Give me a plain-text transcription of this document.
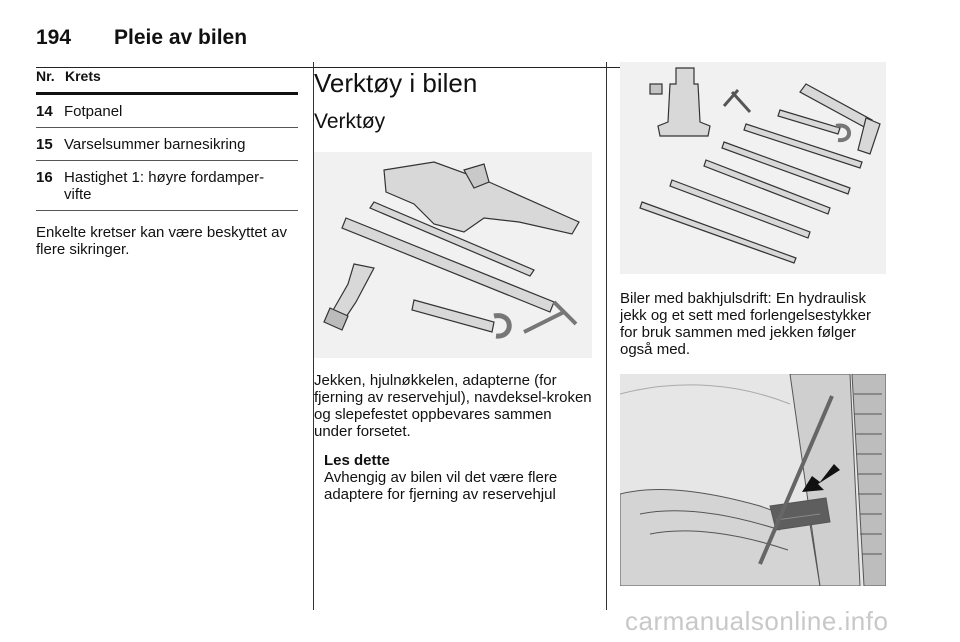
194 Pleie av bilen
Nr. Krets
14 Fotpanel
15 Varselsummer barnesikring
16 Hastighet 1: høyre fordamper-vifte
Enkelte kretser kan være beskyttet av flere sikringer.
Verktøy i bilen
Verktøy
Jekken, hjulnøkkelen, adapterne (for fjerning av reservehjul), navdeksel-kroken og slepefestet oppbevares sammen under forsetet.
Les dette
Avhengig av bilen vil det være flere adaptere for fjerning av reservehjul
Biler med bakhjulsdrift: En hydraulisk jekk og et sett med forlengelsestykker for bruk sammen med jekken følger også med.
carmanualsonline.info
